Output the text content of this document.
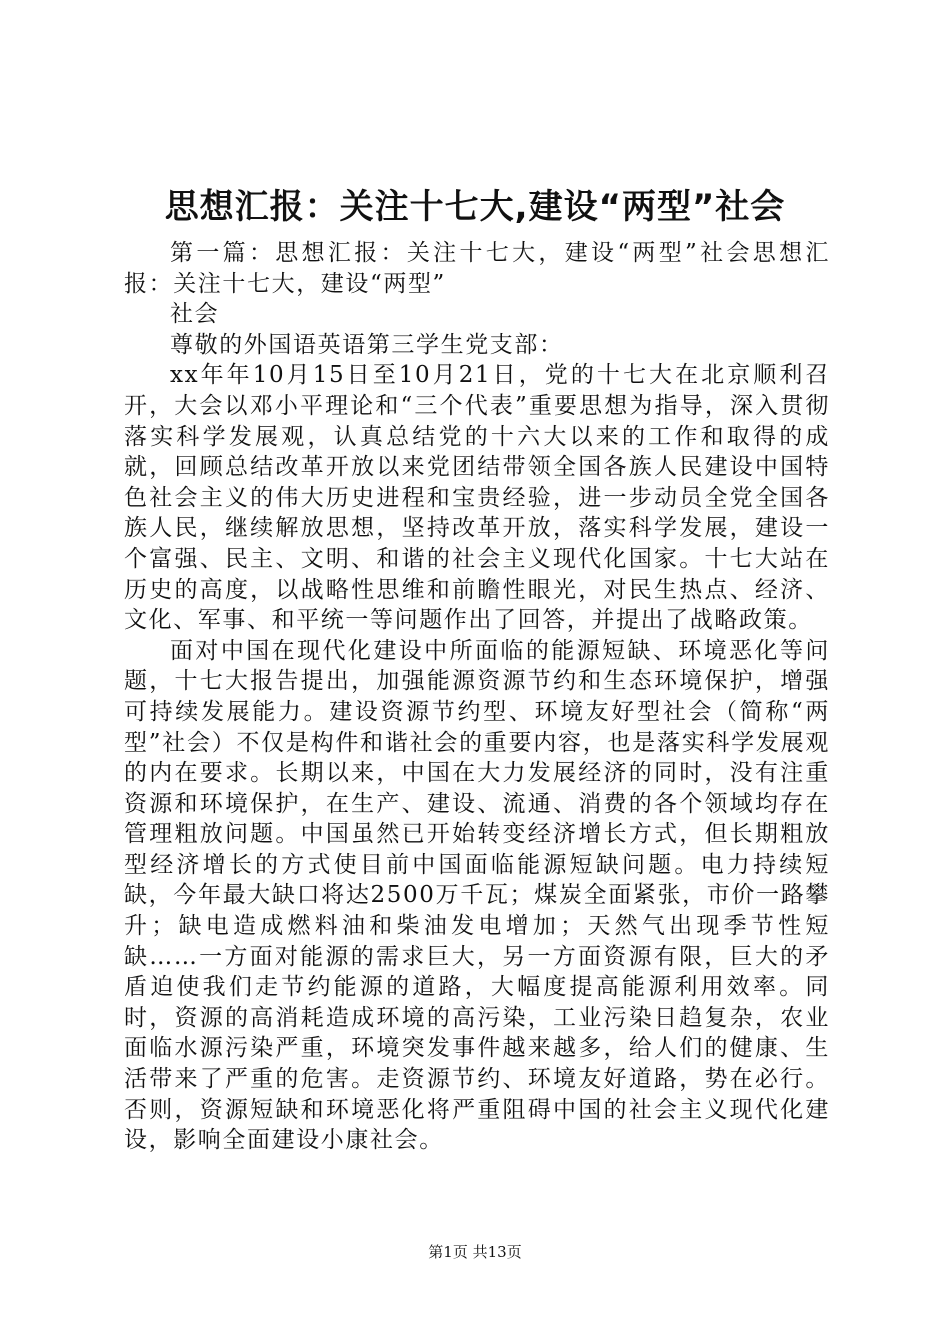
思想汇报：关注十七大,建设“两型”社会

第一篇：思想汇报：关注十七大，建设“两型”社会思想汇报：关注十七大，建设“两型”

社会

尊敬的外国语英语第三学生党支部：

xx年年10月15日至10月21日，党的十七大在北京顺利召开，大会以邓小平理论和“三个代表”重要思想为指导，深入贯彻落实科学发展观，认真总结党的十六大以来的工作和取得的成就，回顾总结改革开放以来党团结带领全国各族人民建设中国特色社会主义的伟大历史进程和宝贵经验，进一步动员全党全国各族人民，继续解放思想，坚持改革开放，落实科学发展，建设一个富强、民主、文明、和谐的社会主义现代化国家。十七大站在历史的高度，以战略性思维和前瞻性眼光，对民生热点、经济、文化、军事、和平统一等问题作出了回答，并提出了战略政策。

面对中国在现代化建设中所面临的能源短缺、环境恶化等问题，十七大报告提出，加强能源资源节约和生态环境保护，增强可持续发展能力。建设资源节约型、环境友好型社会（简称“两型”社会）不仅是构件和谐社会的重要内容，也是落实科学发展观的内在要求。长期以来，中国在大力发展经济的同时，没有注重资源和环境保护，在生产、建设、流通、消费的各个领域均存在管理粗放问题。中国虽然已开始转变经济增长方式，但长期粗放型经济增长的方式使目前中国面临能源短缺问题。电力持续短缺，今年最大缺口将达2500万千瓦；煤炭全面紧张，市价一路攀升；缺电造成燃料油和柴油发电增加；天然气出现季节性短缺……一方面对能源的需求巨大，另一方面资源有限，巨大的矛盾迫使我们走节约能源的道路，大幅度提高能源利用效率。同时，资源的高消耗造成环境的高污染，工业污染日趋复杂，农业面临水源污染严重，环境突发事件越来越多，给人们的健康、生活带来了严重的危害。走资源节约、环境友好道路，势在必行。否则，资源短缺和环境恶化将严重阻碍中国的社会主义现代化建设，影响全面建设小康社会。

第1页 共13页
